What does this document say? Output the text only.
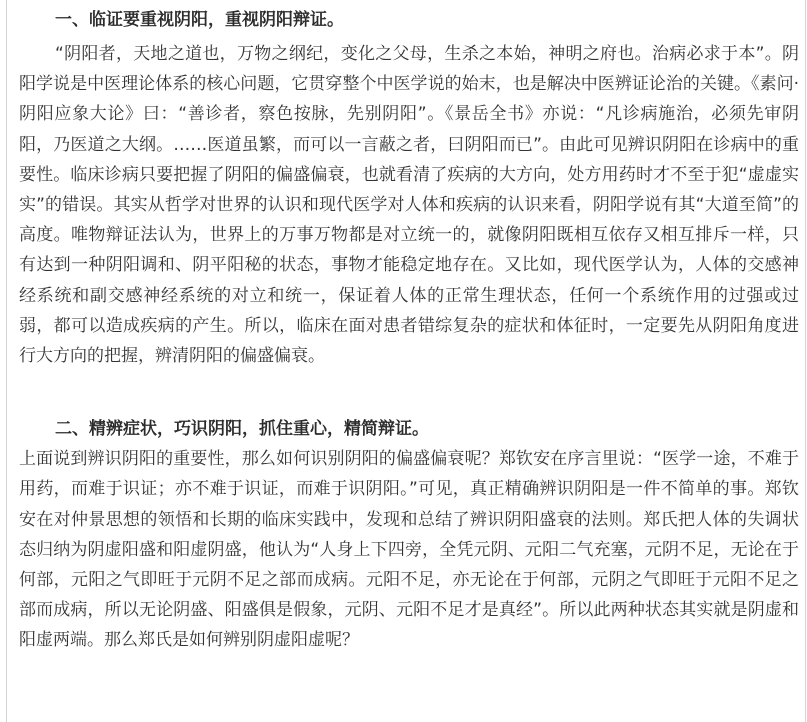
一、临证要重视阴阳，重视阴阳辩证。

“阴阳者，天地之道也，万物之纲纪，变化之父母，生杀之本始，神明之府也。治病必求于本”。阴阳学说是中医理论体系的核心问题，它贯穿整个中医学说的始末，也是解决中医辨证论治的关键。《素问·阴阳应象大论》曰：“善诊者，察色按脉，先别阴阳”。《景岳全书》亦说：“凡诊病施治，必须先审阴阳，乃医道之大纲。……医道虽繁，而可以一言蔽之者，曰阴阳而已”。由此可见辨识阴阳在诊病中的重要性。临床诊病只要把握了阴阳的偏盛偏衰，也就看清了疾病的大方向，处方用药时才不至于犯“虚虚实实”的错误。其实从哲学对世界的认识和现代医学对人体和疾病的认识来看，阴阳学说有其“大道至简”的高度。唯物辩证法认为，世界上的万事万物都是对立统一的，就像阴阳既相互依存又相互排斥一样，只有达到一种阴阳调和、阴平阳秘的状态，事物才能稳定地存在。又比如，现代医学认为，人体的交感神经系统和副交感神经系统的对立和统一，保证着人体的正常生理状态，任何一个系统作用的过强或过弱，都可以造成疾病的产生。所以，临床在面对患者错综复杂的症状和体征时，一定要先从阴阳角度进行大方向的把握，辨清阴阳的偏盛偏衰。

二、精辨症状，巧识阴阳，抓住重心，精简辩证。

上面说到辨识阴阳的重要性，那么如何识别阴阳的偏盛偏衰呢？郑钦安在序言里说：“医学一途，不难于用药，而难于识证；亦不难于识证，而难于识阴阳。”可见，真正精确辨识阴阳是一件不简单的事。郑钦安在对仲景思想的领悟和长期的临床实践中，发现和总结了辨识阴阳盛衰的法则。郑氏把人体的失调状态归纳为阴虚阳盛和阳虚阴盛，他认为“人身上下四旁，全凭元阴、元阳二气充塞，元阴不足，无论在于何部，元阳之气即旺于元阴不足之部而成病。元阳不足，亦无论在于何部，元阴之气即旺于元阳不足之部而成病，所以无论阴盛、阳盛俱是假象，元阴、元阳不足才是真经”。所以此两种状态其实就是阴虚和阳虚两端。那么郑氏是如何辨别阴虚阳虚呢？
